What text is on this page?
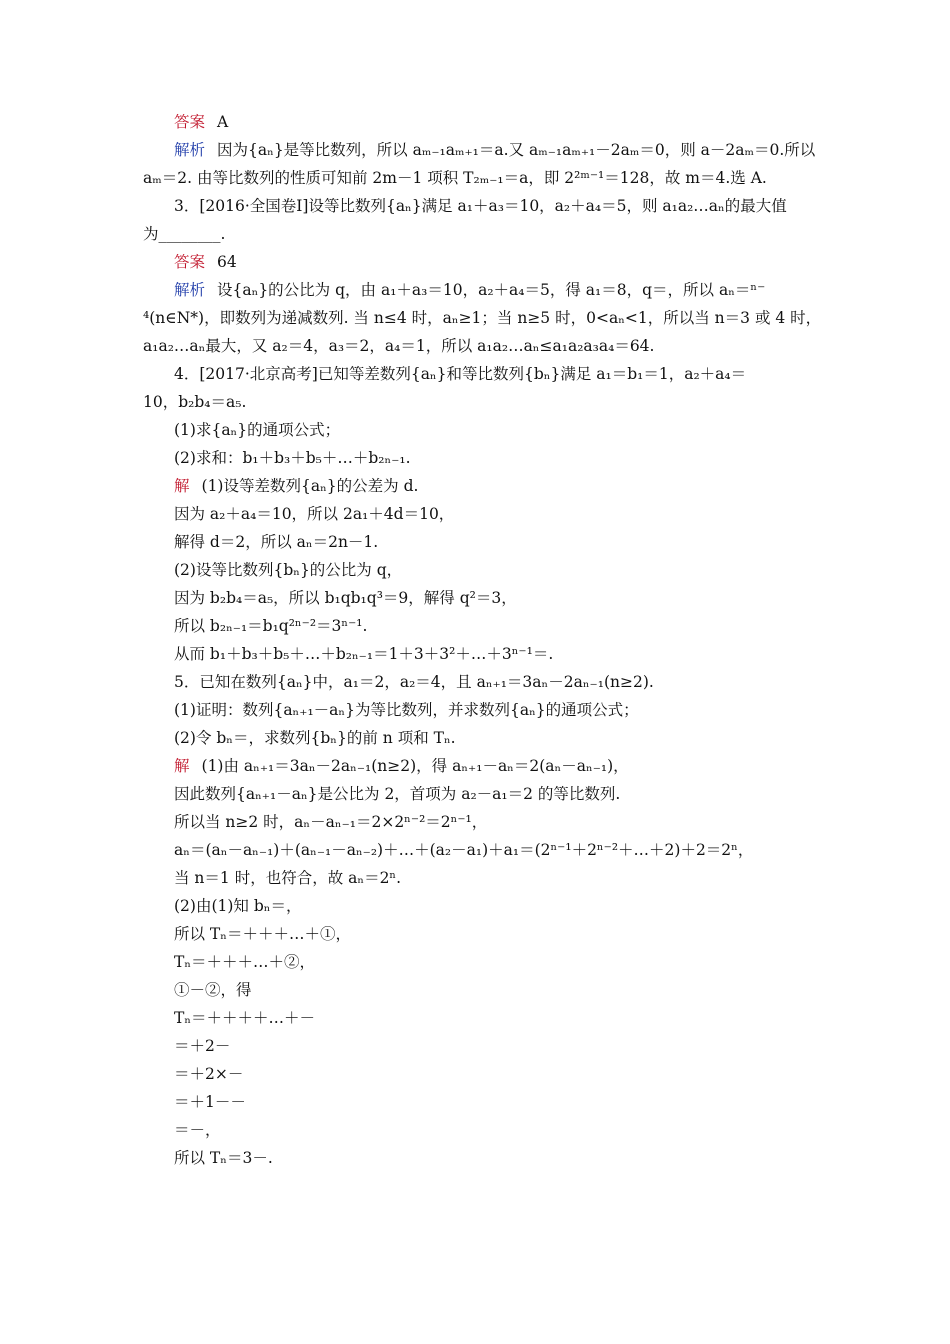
答案 A
解析 因为{aₙ}是等比数列，所以 aₘ₋₁aₘ₊₁＝a.又 aₘ₋₁aₘ₊₁－2aₘ＝0，则 a－2aₘ＝0.所以
aₘ＝2. 由等比数列的性质可知前 2m－1 项积 T₂ₘ₋₁＝a，即 2²ᵐ⁻¹＝128，故 m＝4.选 A.
3．[2016·全国卷Ⅰ]设等比数列{aₙ}满足 a₁＋a₃＝10，a₂＋a₄＝5，则 a₁a₂…aₙ的最大值
为________.
答案 64
解析 设{aₙ}的公比为 q，由 a₁＋a₃＝10，a₂＋a₄＝5，得 a₁＝8，q＝，所以 aₙ＝ⁿ⁻
⁴(n∈N*)，即数列为递减数列. 当 n≤4 时，aₙ≥1；当 n≥5 时，0<aₙ<1，所以当 n＝3 或 4 时，
a₁a₂…aₙ最大，又 a₂＝4，a₃＝2，a₄＝1，所以 a₁a₂…aₙ≤a₁a₂a₃a₄＝64.
4．[2017·北京高考]已知等差数列{aₙ}和等比数列{bₙ}满足 a₁＝b₁＝1，a₂＋a₄＝
10，b₂b₄＝a₅.
(1)求{aₙ}的通项公式；
(2)求和：b₁＋b₃＋b₅＋…＋b₂ₙ₋₁.
解 (1)设等差数列{aₙ}的公差为 d.
因为 a₂＋a₄＝10，所以 2a₁＋4d＝10，
解得 d＝2，所以 aₙ＝2n－1.
(2)设等比数列{bₙ}的公比为 q，
因为 b₂b₄＝a₅，所以 b₁qb₁q³＝9，解得 q²＝3，
所以 b₂ₙ₋₁＝b₁q²ⁿ⁻²＝3ⁿ⁻¹.
从而 b₁＋b₃＋b₅＋…＋b₂ₙ₋₁＝1＋3＋3²＋…＋3ⁿ⁻¹＝.
5．已知在数列{aₙ}中，a₁＝2，a₂＝4，且 aₙ₊₁＝3aₙ－2aₙ₋₁(n≥2).
(1)证明：数列{aₙ₊₁－aₙ}为等比数列，并求数列{aₙ}的通项公式；
(2)令 bₙ＝，求数列{bₙ}的前 n 项和 Tₙ.
解 (1)由 aₙ₊₁＝3aₙ－2aₙ₋₁(n≥2)，得 aₙ₊₁－aₙ＝2(aₙ－aₙ₋₁)，
因此数列{aₙ₊₁－aₙ}是公比为 2，首项为 a₂－a₁＝2 的等比数列.
所以当 n≥2 时，aₙ－aₙ₋₁＝2×2ⁿ⁻²＝2ⁿ⁻¹，
aₙ＝(aₙ－aₙ₋₁)＋(aₙ₋₁－aₙ₋₂)＋…＋(a₂－a₁)＋a₁＝(2ⁿ⁻¹＋2ⁿ⁻²＋…＋2)＋2＝2ⁿ，
当 n＝1 时，也符合，故 aₙ＝2ⁿ.
(2)由(1)知 bₙ＝，
所以 Tₙ＝＋＋＋…＋①，
Tₙ＝＋＋＋…＋②，
①－②，得
Tₙ＝＋＋＋＋…＋－
＝＋2－
＝＋2×－
＝＋1－－
＝－，
所以 Tₙ＝3－.
